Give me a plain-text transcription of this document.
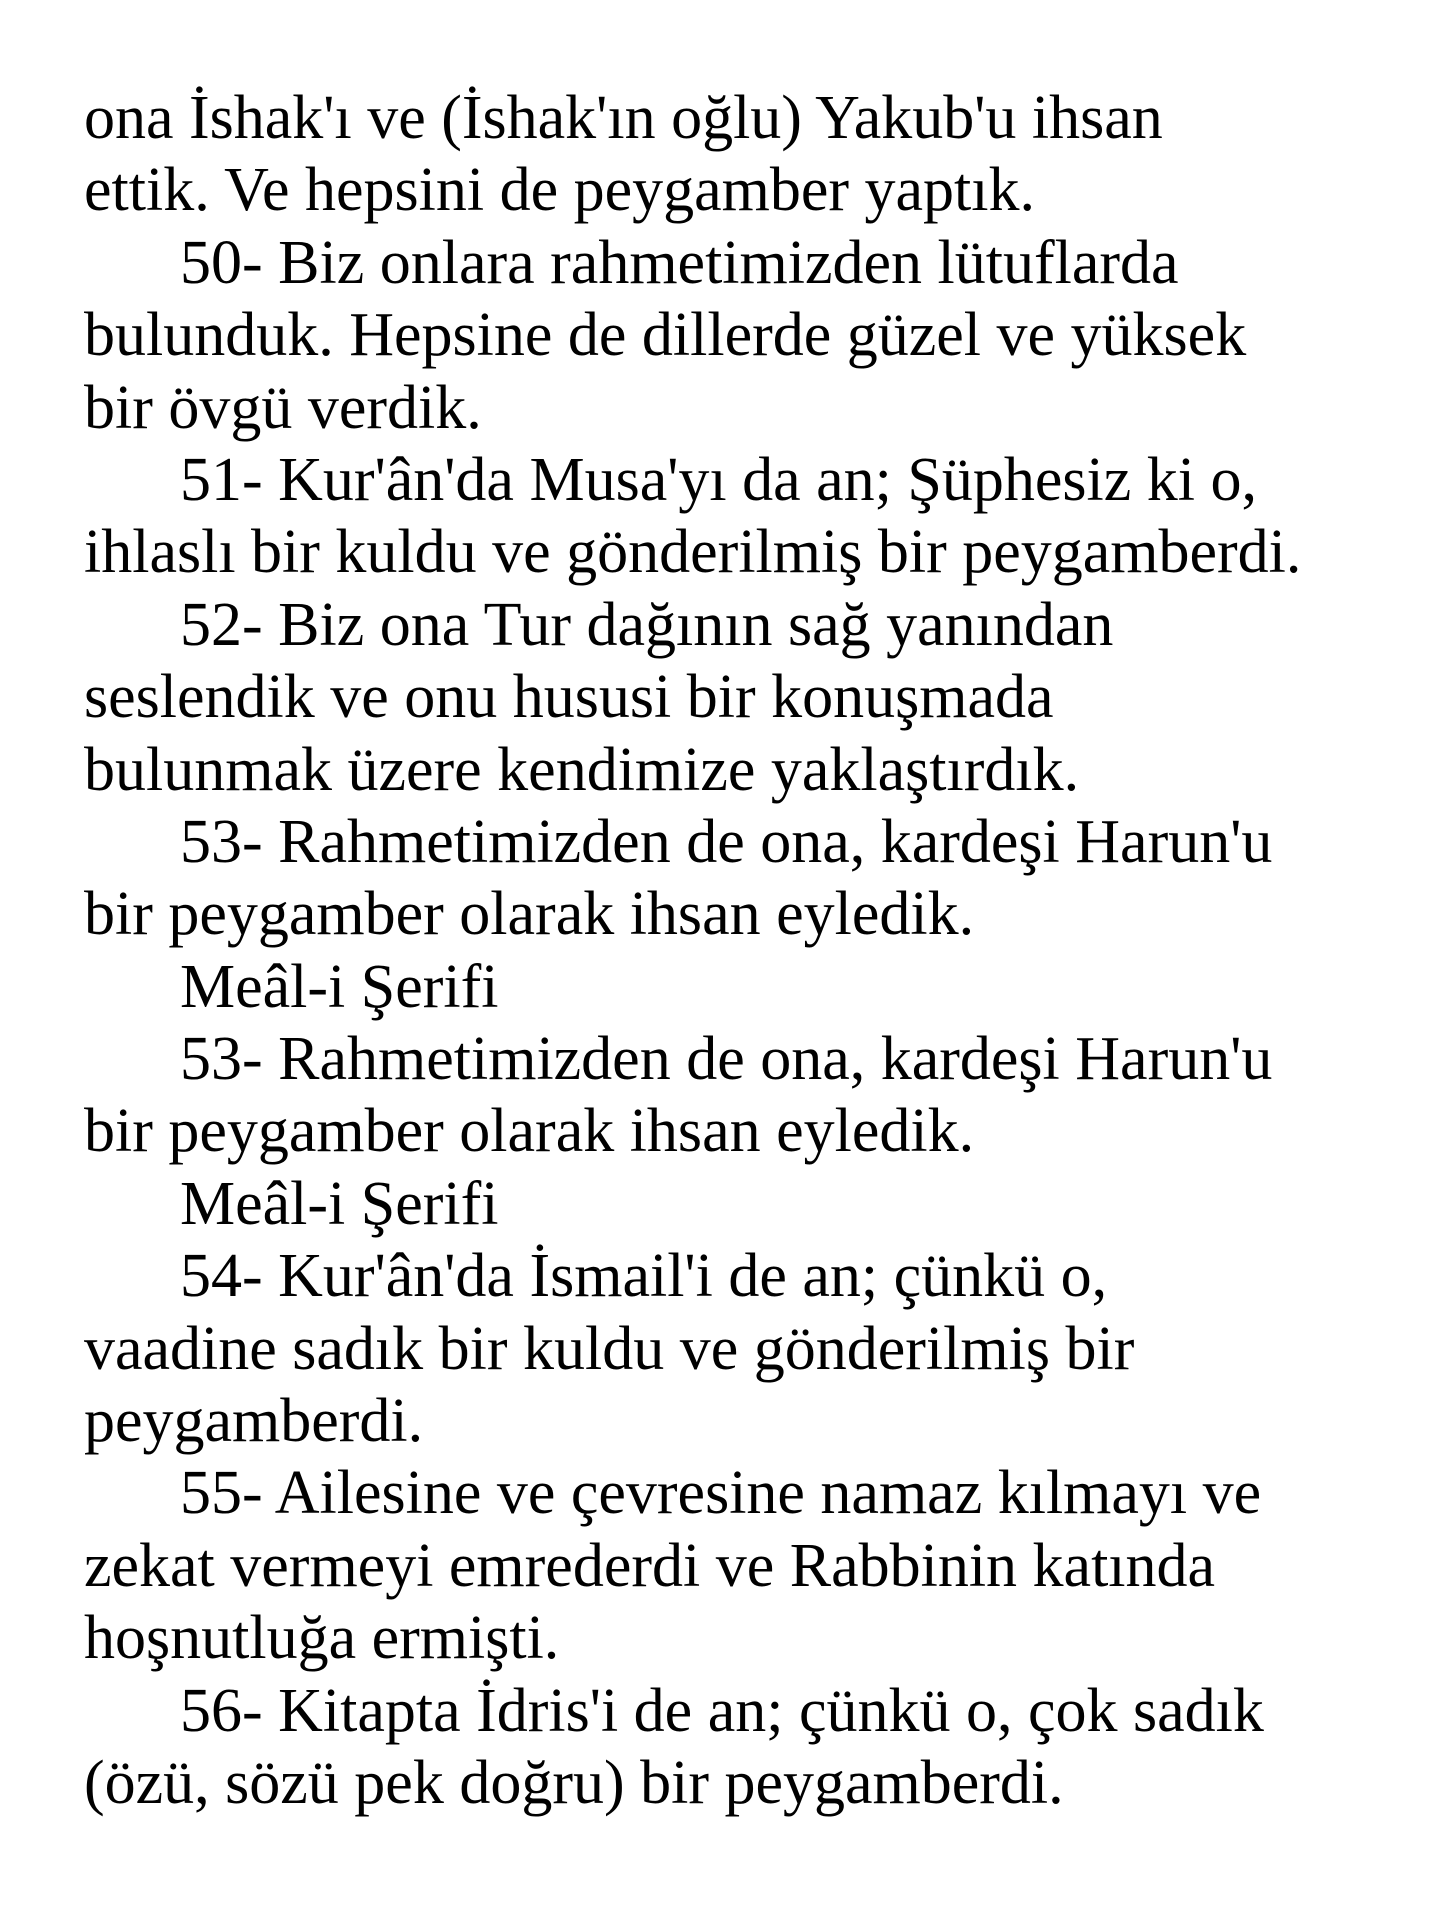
ona İshak'ı ve (İshak'ın oğlu) Yakub'u ihsan
ettik. Ve hepsini de peygamber yaptık.
50- Biz onlara rahmetimizden lütuflarda
bulunduk. Hepsine de dillerde güzel ve yüksek
bir övgü verdik.
51- Kur'ân'da Musa'yı da an; Şüphesiz ki o,
ihlaslı bir kuldu ve gönderilmiş bir peygamberdi.
52- Biz ona Tur dağının sağ yanından
seslendik ve onu hususi bir konuşmada
bulunmak üzere kendimize yaklaştırdık.
53- Rahmetimizden de ona, kardeşi Harun'u
bir peygamber olarak ihsan eyledik.
Meâl-i Şerifi
53- Rahmetimizden de ona, kardeşi Harun'u
bir peygamber olarak ihsan eyledik.
Meâl-i Şerifi
54- Kur'ân'da İsmail'i de an; çünkü o,
vaadine sadık bir kuldu ve gönderilmiş bir
peygamberdi.
55- Ailesine ve çevresine namaz kılmayı ve
zekat vermeyi emrederdi ve Rabbinin katında
hoşnutluğa ermişti.
56- Kitapta İdris'i de an; çünkü o, çok sadık
(özü, sözü pek doğru) bir peygamberdi.
